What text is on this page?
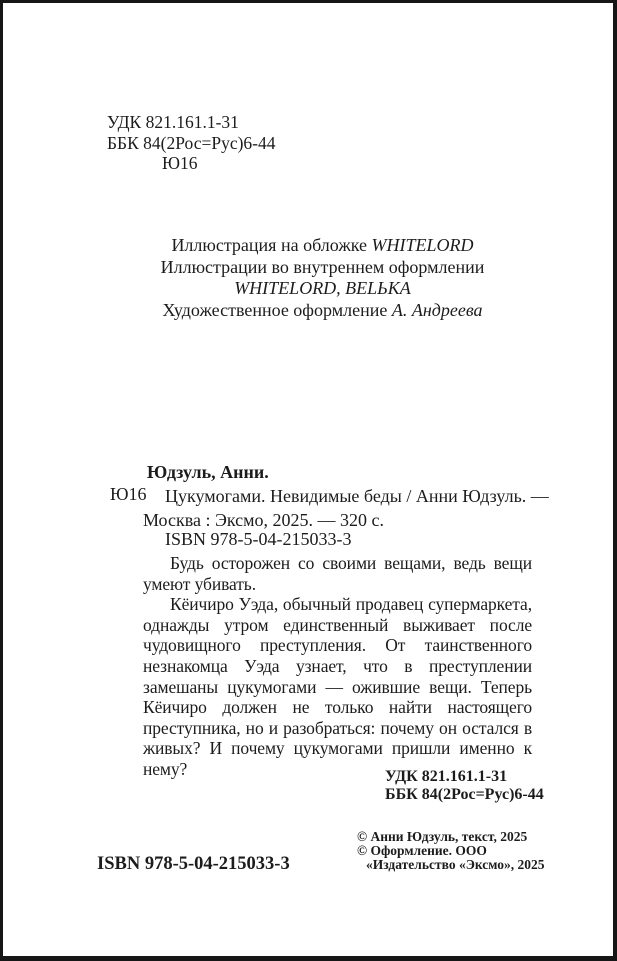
УДК 821.161.1-31
ББК 84(2Рос=Рус)6-44
Ю16
Иллюстрация на обложке WHITELORD
Иллюстрации во внутреннем оформлении
WHITELORD, BELЬKA
Художественное оформление А. Андреева
Юдзуль, Анни.
Ю16	Цукумогами. Невидимые беды / Анни Юдзуль. —
Москва : Эксмо, 2025. — 320 с.
ISBN 978-5-04-215033-3

Будь осторожен со своими вещами, ведь вещи умеют убивать.

Кёичиро Уэда, обычный продавец супермаркета, однажды утром единственный выживает после чудовищного преступления. От таинственного незнакомца Уэда узнает, что в преступлении замешаны цукумогами — ожившие вещи. Теперь Кёичиро должен не только найти настоящего преступника, но и разобраться: почему он остался в живых? И почему цукумогами пришли именно к нему?	УДК 821.161.1-31
ББК 84(2Рос=Рус)6-44
© Анни Юдзуль, текст, 2025
© Оформление. ООО
«Издательство «Эксмо», 2025
ISBN 978-5-04-215033-3
